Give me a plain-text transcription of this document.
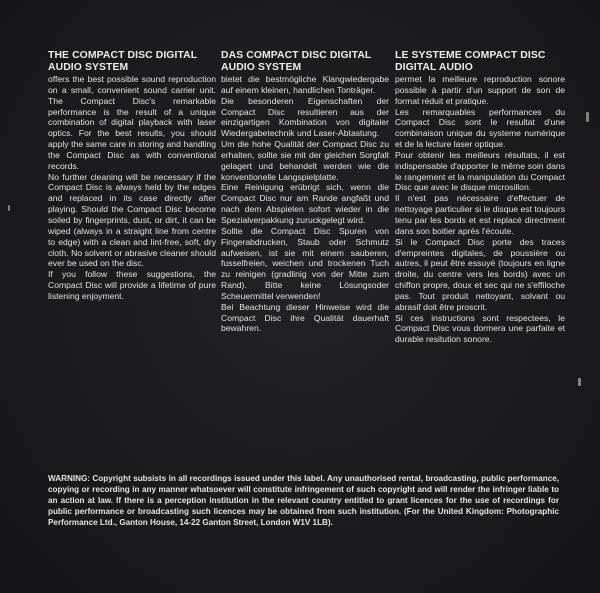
THE COMPACT DISC DIGITAL
AUDIO SYSTEM

offers the best possible sound reproduction on a small, convenient sound carrier unit. The Compact Disc's remarkable performance is the result of a unique combination of digital playback with laser optics. For the best results, you should apply the same care in storing and handling the Compact Disc as with conventional records.

No further cleaning will be necessary if the Compact Disc is always held by the edges and replaced in its case directly after playing. Should the Compact Disc become soiled by fingerprints, dust, or dirt, it can be wiped (always in a straight line from centre to edge) with a clean and lint-free, soft, dry cloth. No solvent or abrasive cleaner should ever be used on the disc.

If you follow these suggestions, the Compact Disc will provide a lifetime of pure listening enjoyment.

DAS COMPACT DISC DIGITAL
AUDIO SYSTEM

bietet die bestmögliche Klangwiedergabe auf einem kleinen, handlichen Tonträger.

Die besonderen Eigenschaften der Compact Disc resultieren aus der einzigartigen Kombination von digitaler Wiedergabetechnik und Laser-Abtastung.

Um die hohe Qualität der Compact Disc zu erhalten, sollte sie mit der gleichen Sorgfalt gelagert und behandelt werden wie die konventionelle Langspielplatte.

Eine Reinigung erübrigt sich, wenn die Compact Disc nur am Rande angfaßt und nach dem Abspielen sofort wieder in die Spezialverpakkung zuruckgelegt wird.

Sollte die Compact Disc Spuren von Fingerabdrucken, Staub oder Schmutz aufweisen, ist sie mit einem sauberen, fusselfreien, weichen und trockenen Tuch zu reinigen (gradlinig von der Mitte zum Rand). Bitte keine Lösungsoder Scheuermittel verwenden!

Bei Beachtung dieser Hinweise wird die Compact Disc ihre Qualität dauerhaft bewahren.

LE SYSTEME COMPACT DISC
DIGITAL AUDIO

permet la meilleure reproduction sonore possible à partir d'un support de son de format réduit et pratique.

Les remarquables performances du Compact Disc sont le resultat d'une combinaison unique du systeme numérique et de la lecture laser optique.

Pour obtenir les meilleurs résultats, il est indispensable d'apporter le même soin dans le rangement et la manipulation du Compact Disc que avec le disque microsillon.

Il n'est pas nécessaire d'effectuer de nettoyage particulier si le disque est toujours tenu par les bords et est replacé directment dans son boitier après l'écoute.

Si le Compact Disc porte des traces d'empreintes digitales, de poussière ou autres, il peut être essuyé (toujours en ligne droite, du centre vers les bords) avec un chiffon propre, doux et sec qui ne s'effiloche pas. Tout produit nettoyant, solvant ou abrasif doit être proscrit.

Si ces instructions sont respectees, le Compact Disc vous dormera une parfaite et durable resitution sonore.

WARNING: Copyright subsists in all recordings issued under this label. Any unauthorised rental, broadcasting, public performance, copying or recording in any manner whatsoever will constitute infringement of such copyright and will render the infringer liable to an action at law. If there is a perception institution in the relevant country entitled to grant licences for the use of recordings for public performance or broadcasting such licences may be obtained from such institution. (For the United Kingdom: Photographic Performance Ltd., Ganton House, 14-22 Ganton Street, London W1V 1LB).
